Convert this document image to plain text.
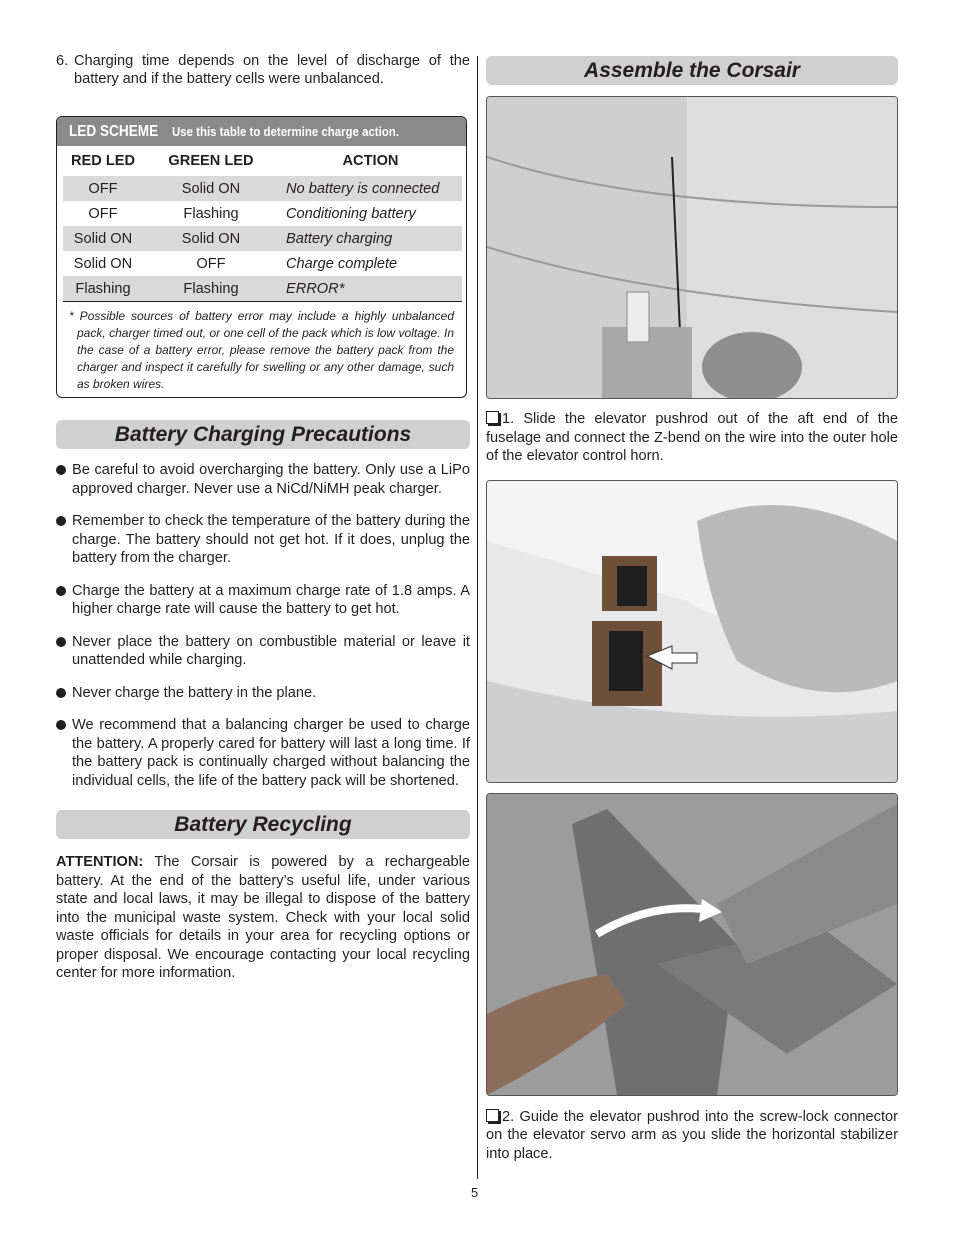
6. Charging time depends on the level of discharge of the battery and if the battery cells were unbalanced.
LED SCHEME Use this table to determine charge action.
RED LED	GREEN LED	ACTION
OFF	Solid ON	No battery is connected
OFF	Flashing	Conditioning battery
Solid ON	Solid ON	Battery charging
Solid ON	OFF	Charge complete
Flashing	Flashing	ERROR*
* Possible sources of battery error may include a highly unbalanced pack, charger timed out, or one cell of the pack which is low voltage. In the case of a battery error, please remove the battery pack from the charger and inspect it carefully for swelling or any other damage, such as broken wires.
Battery Charging Precautions
Be careful to avoid overcharging the battery. Only use a LiPo approved charger. Never use a NiCd/NiMH peak charger.
Remember to check the temperature of the battery during the charge. The battery should not get hot. If it does, unplug the battery from the charger.
Charge the battery at a maximum charge rate of 1.8 amps. A higher charge rate will cause the battery to get hot.
Never place the battery on combustible material or leave it unattended while charging.
Never charge the battery in the plane.
We recommend that a balancing charger be used to charge the battery. A properly cared for battery will last a long time. If the battery pack is continually charged without balancing the individual cells, the life of the battery pack will be shortened.
Battery Recycling
ATTENTION: The Corsair is powered by a rechargeable battery. At the end of the battery’s useful life, under various state and local laws, it may be illegal to dispose of the battery into the municipal waste system. Check with your local solid waste officials for details in your area for recycling options or proper disposal. We encourage contacting your local recycling center for more information.
Assemble the Corsair
1. Slide the elevator pushrod out of the aft end of the fuselage and connect the Z-bend on the wire into the outer hole of the elevator control horn.
2. Guide the elevator pushrod into the screw-lock connector on the elevator servo arm as you slide the horizontal stabilizer into place.
5
